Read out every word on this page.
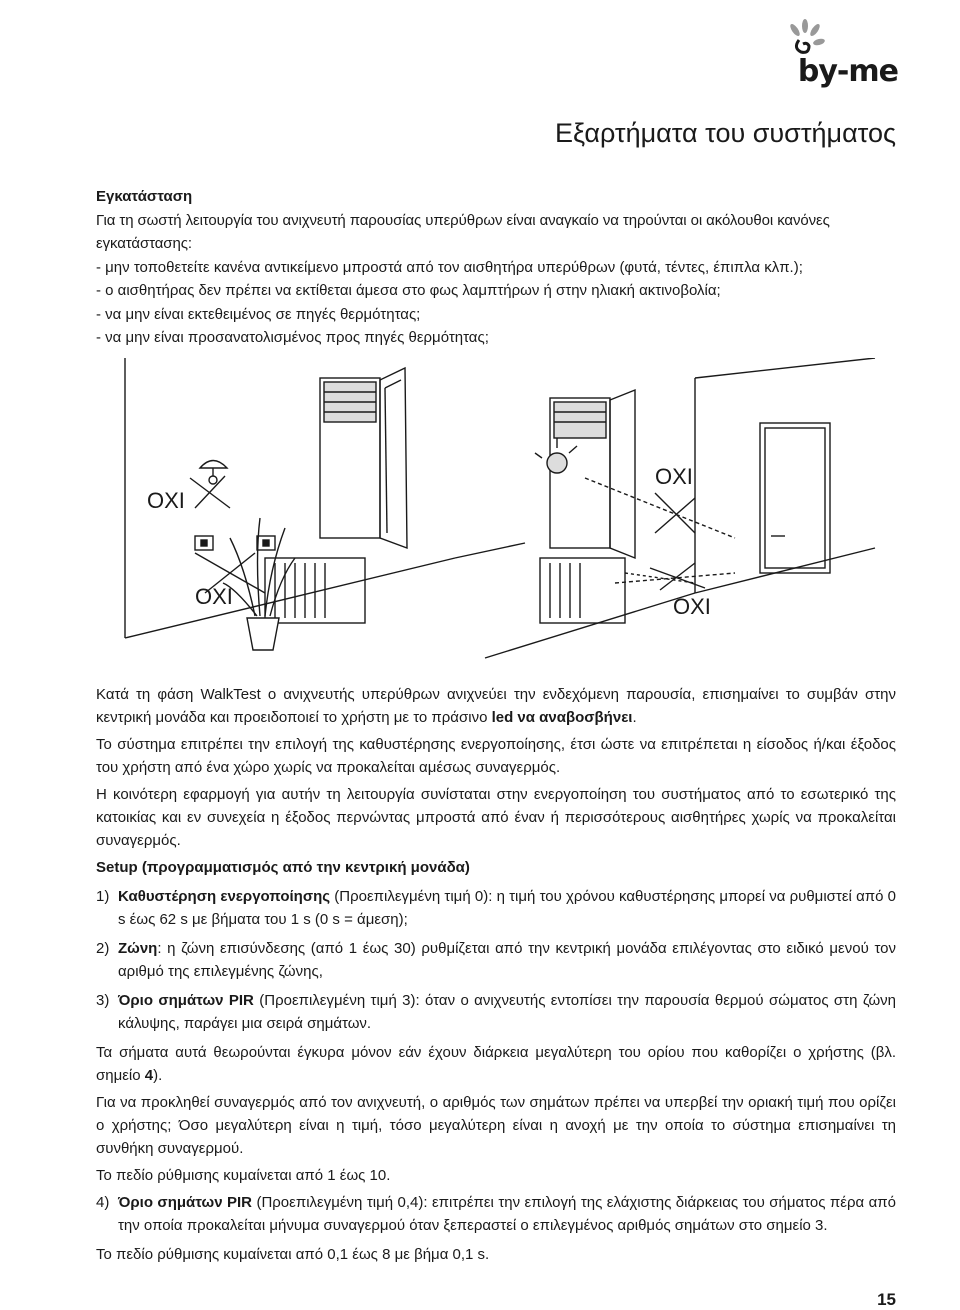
by-me
Εξαρτήματα του συστήματος
Εγκατάσταση
Για τη σωστή λειτουργία του ανιχνευτή παρουσίας υπερύθρων είναι αναγκαίο να τηρούνται οι ακόλουθοι κανόνες εγκατάστασης:
- μην τοποθετείτε κανένα αντικείμενο μπροστά από τον αισθητήρα υπερύθρων (φυτά, τέντες, έπιπλα κλπ.);
- ο αισθητήρας δεν πρέπει να εκτίθεται άμεσα στο φως λαμπτήρων ή στην ηλιακή ακτινοβολία;
- να μην είναι εκτεθειμένος σε πηγές θερμότητας;
- να μην είναι προσανατολισμένος προς πηγές θερμότητας;
ΟΧΙ
ΟΧΙ
ΟΧΙ
ΟΧΙ

Κατά τη φάση WalkTest ο ανιχνευτής υπερύθρων ανιχνεύει την ενδεχόμενη παρουσία, επισημαίνει το συμβάν στην κεντρική μονάδα και προειδοποιεί το χρήστη με το πράσινο led να αναβοσβήνει.

Το σύστημα επιτρέπει την επιλογή της καθυστέρησης ενεργοποίησης, έτσι ώστε να επιτρέπεται η είσοδος ή/και έξοδος του χρήστη από ένα χώρο χωρίς να προκαλείται αμέσως συναγερμός.

Η κοινότερη εφαρμογή για αυτήν τη λειτουργία συνίσταται στην ενεργοποίηση του συστήματος από το εσωτερικό της κατοικίας και εν συνεχεία η έξοδος περνώντας μπροστά από έναν ή περισσότερους αισθητήρες χωρίς να προκαλείται συναγερμός.

Setup (προγραμματισμός από την κεντρική μονάδα)

1) Καθυστέρηση ενεργοποίησης (Προεπιλεγμένη τιμή 0): η τιμή του χρόνου καθυστέρησης μπορεί να ρυθμιστεί από 0 s έως 62 s με βήματα του 1 s (0 s = άμεση);
2) Ζώνη: η ζώνη επισύνδεσης (από 1 έως 30) ρυθμίζεται από την κεντρική μονάδα επιλέγοντας στο ειδικό μενού τον αριθμό της επιλεγμένης ζώνης,
3) Όριο σημάτων PIR (Προεπιλεγμένη τιμή 3): όταν ο ανιχνευτής εντοπίσει την παρουσία θερμού σώματος στη ζώνη κάλυψης, παράγει μια σειρά σημάτων.

Τα σήματα αυτά θεωρούνται έγκυρα μόνον εάν έχουν διάρκεια μεγαλύτερη του ορίου που καθορίζει ο χρήστης (βλ. σημείο 4).

Για να προκληθεί συναγερμός από τον ανιχνευτή, ο αριθμός των σημάτων πρέπει να υπερβεί την οριακή τιμή που ορίζει ο χρήστης; Όσο μεγαλύτερη είναι η τιμή, τόσο μεγαλύτερη είναι η ανοχή με την οποία το σύστημα επισημαίνει τη συνθήκη συναγερμού.

Το πεδίο ρύθμισης κυμαίνεται από 1 έως 10.

4) Όριο σημάτων PIR (Προεπιλεγμένη τιμή 0,4): επιτρέπει την επιλογή της ελάχιστης διάρκειας του σήματος πέρα από την οποία προκαλείται μήνυμα συναγερμού όταν ξεπεραστεί ο επιλεγμένος αριθμός σημάτων στο σημείο 3.

Το πεδίο ρύθμισης κυμαίνεται από 0,1 έως 8 με βήμα 0,1 s.

15
